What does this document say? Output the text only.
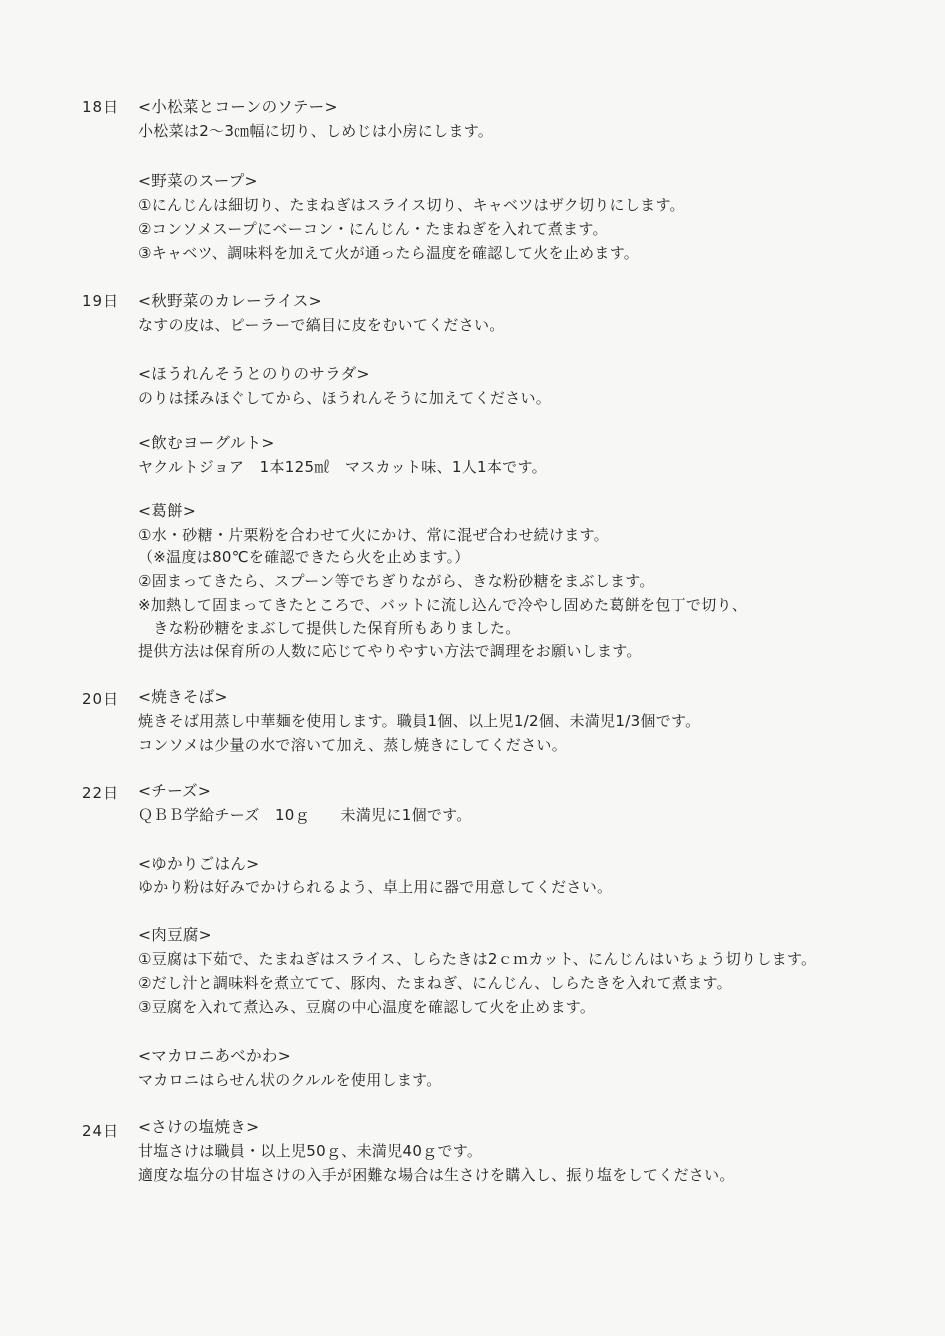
18日 <小松菜とコーンのソテー>
小松菜は2～3㎝幅に切り、しめじは小房にします。
<野菜のスープ>
①にんじんは細切り、たまねぎはスライス切り、キャベツはザク切りにします。
②コンソメスープにベーコン・にんじん・たまねぎを入れて煮ます。
③キャベツ、調味料を加えて火が通ったら温度を確認して火を止めます。
19日 <秋野菜のカレーライス>
なすの皮は、ピーラーで縞目に皮をむいてください。
<ほうれんそうとのりのサラダ>
のりは揉みほぐしてから、ほうれんそうに加えてください。
<飲むヨーグルト>
ヤクルトジョア　1本125㎖　マスカット味、1人1本です。
<葛餅>
①水・砂糖・片栗粉を合わせて火にかけ、常に混ぜ合わせ続けます。
（※温度は80℃を確認できたら火を止めます。）
②固まってきたら、スプーン等でちぎりながら、きな粉砂糖をまぶします。
※加熱して固まってきたところで、バットに流し込んで冷やし固めた葛餅を包丁で切り、
　きな粉砂糖をまぶして提供した保育所もありました。
提供方法は保育所の人数に応じてやりやすい方法で調理をお願いします。
20日 <焼きそば>
焼きそば用蒸し中華麺を使用します。職員1個、以上児1/2個、未満児1/3個です。
コンソメは少量の水で溶いて加え、蒸し焼きにしてください。
22日 <チーズ>
ＱＢＢ学給チーズ　10ｇ　　未満児に1個です。
<ゆかりごはん>
ゆかり粉は好みでかけられるよう、卓上用に器で用意してください。
<肉豆腐>
①豆腐は下茹で、たまねぎはスライス、しらたきは2ｃｍカット、にんじんはいちょう切りします。
②だし汁と調味料を煮立てて、豚肉、たまねぎ、にんじん、しらたきを入れて煮ます。
③豆腐を入れて煮込み、豆腐の中心温度を確認して火を止めます。
<マカロニあべかわ>
マカロニはらせん状のクルルを使用します。
24日 <さけの塩焼き>
甘塩さけは職員・以上児50ｇ、未満児40ｇです。
適度な塩分の甘塩さけの入手が困難な場合は生さけを購入し、振り塩をしてください。
